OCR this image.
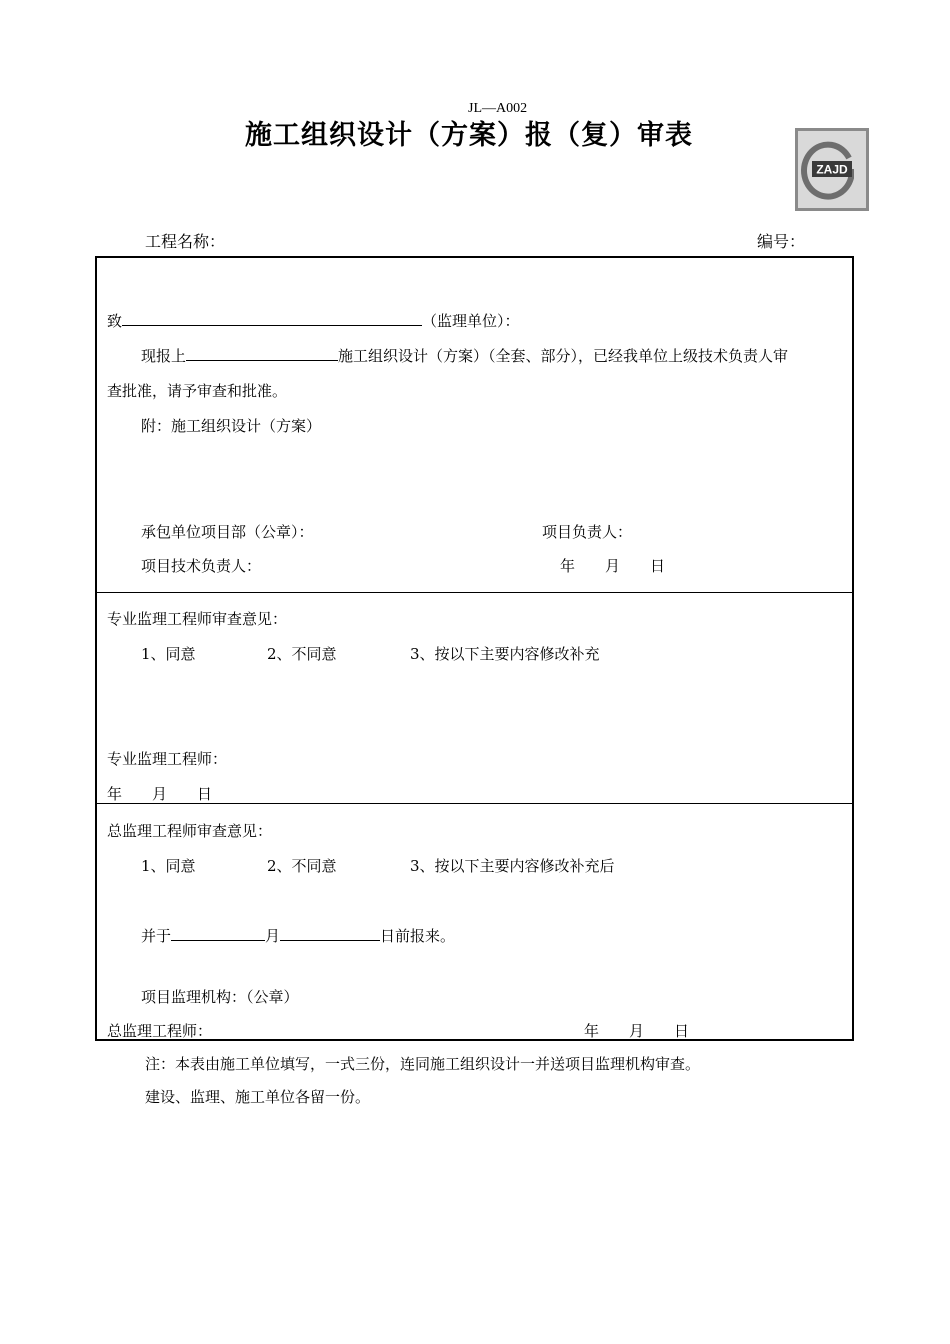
JL—A002
施工组织设计（方案）报（复）审表
ZAJD
工程名称：	编号：
致	（监理单位）：
现报上	施工组织设计（方案）（全套、部分），已经我单位上级技术负责人审
查批准，请予审查和批准。
附：施工组织设计（方案）
承包单位项目部（公章）：	项目负责人：
项目技术负责人：	年　　月　　日
专业监理工程师审查意见：
1、同意	2、不同意	3、按以下主要内容修改补充
专业监理工程师：
年　　月　　日
总监理工程师审查意见：
1、同意	2、不同意	3、按以下主要内容修改补充后
并于	月	日前报来。
项目监理机构：（公章）
总监理工程师：	年　　月　　日
注：本表由施工单位填写，一式三份，连同施工组织设计一并送项目监理机构审查。
建设、监理、施工单位各留一份。
